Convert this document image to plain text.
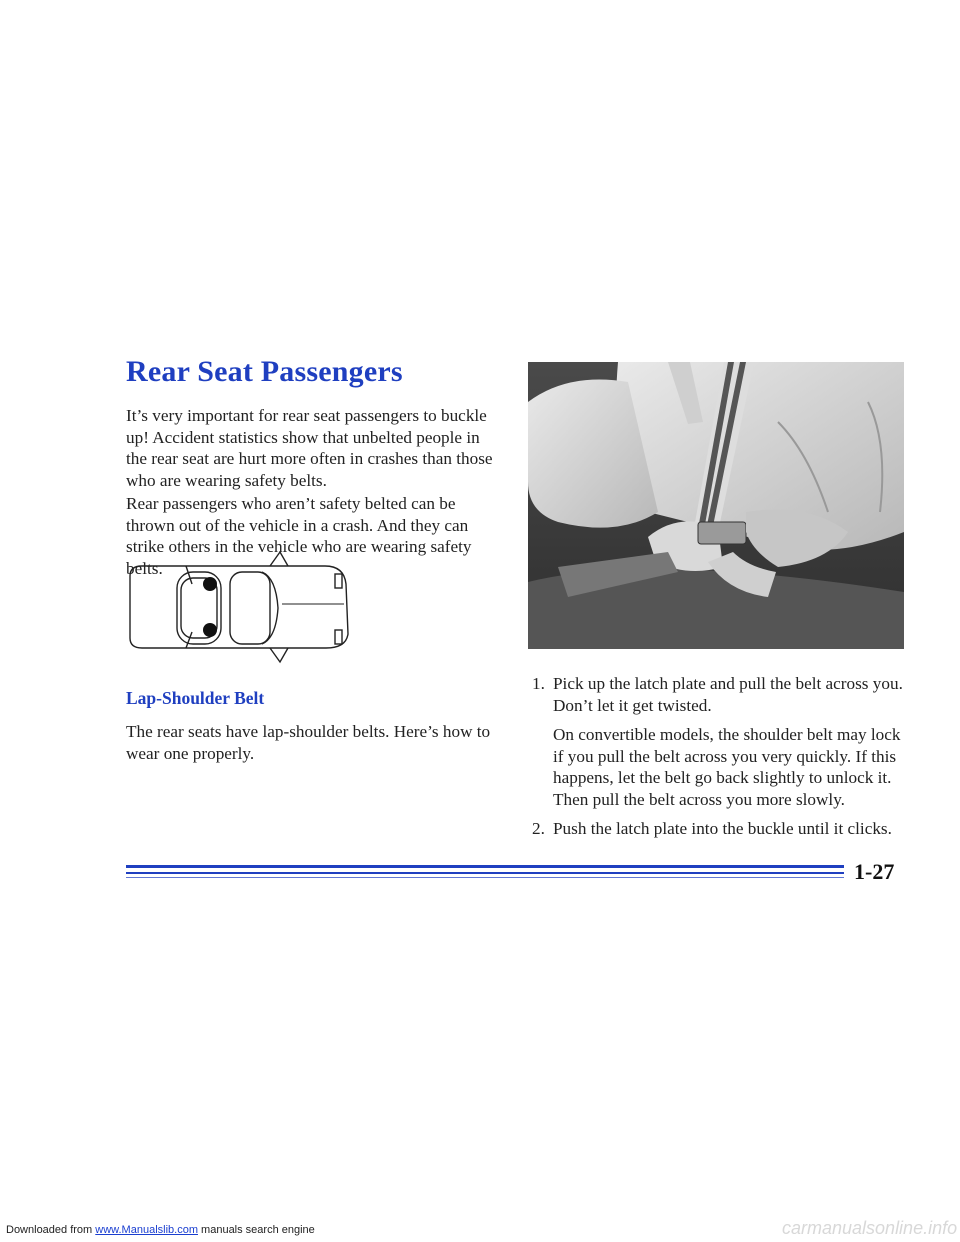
Rear Seat Passengers

It’s very important for rear seat passengers to buckle up! Accident statistics show that unbelted people in the rear seat are hurt more often in crashes than those who are wearing safety belts.

Rear passengers who aren’t safety belted can be thrown out of the vehicle in a crash. And they can strike others in the vehicle who are wearing safety belts.

Lap-Shoulder Belt

The rear seats have lap-shoulder belts. Here’s how to wear one properly.

1. Pick up the latch plate and pull the belt across you. Don’t let it get twisted.

On convertible models, the shoulder belt may lock if you pull the belt across you very quickly. If this happens, let the belt go back slightly to unlock it. Then pull the belt across you more slowly.

2. Push the latch plate into the buckle until it clicks.

1-27

Downloaded from www.Manualslib.com manuals search engine	carmanualsonline.info
